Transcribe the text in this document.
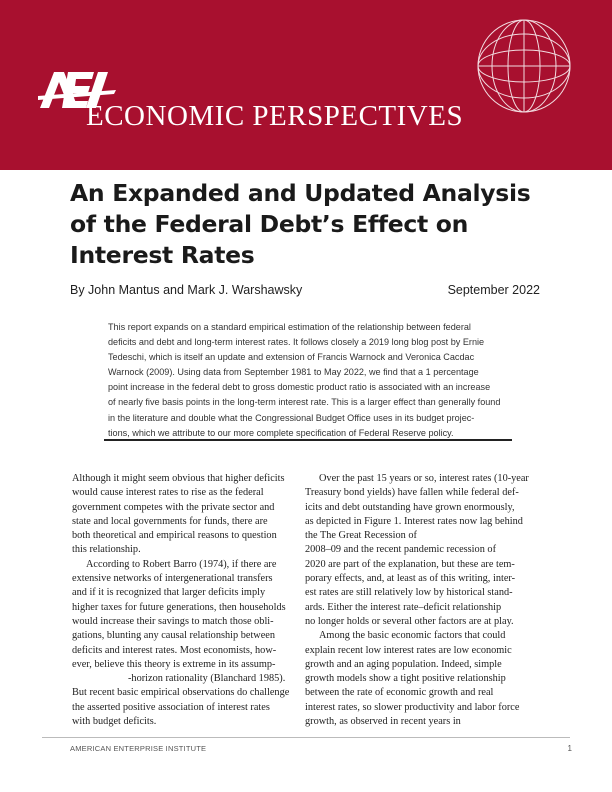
ECONOMIC PERSPECTIVES
An Expanded and Updated Analysis
of the Federal Debt’s Effect on
Interest Rates
By John Mantus and Mark J. Warshawsky	September 2022
This report expands on a standard empirical estimation of the relationship between federal
deficits and debt and long-term interest rates. It follows closely a 2019 long blog post by Ernie
Tedeschi, which is itself an update and extension of Francis Warnock and Veronica Cacdac
Warnock (2009). Using data from September 1981 to May 2022, we find that a 1 percentage
point increase in the federal debt to gross domestic product ratio is associated with an increase
of nearly five basis points in the long-term interest rate. This is a larger effect than generally found
in the literature and double what the Congressional Budget Office uses in its budget projec-
tions, which we attribute to our more complete specification of Federal Reserve policy.
Although it might seem obvious that higher deficits
would cause interest rates to rise as the federal
government competes with the private sector and
state and local governments for funds, there are
both theoretical and empirical reasons to question
this relationship.
According to Robert Barro (1974), if there are
extensive networks of intergenerational transfers
and if it is recognized that larger deficits imply
higher taxes for future generations, then households
would increase their savings to match those obli-
gations, blunting any causal relationship between
deficits and interest rates. Most economists, how-
ever, believe this theory is extreme in its assump-
-horizon rationality (Blanchard 1985).
But recent basic empirical observations do challenge
the asserted positive association of interest rates
with budget deficits.
Over the past 15 years or so, interest rates (10-year
Treasury bond yields) have fallen while federal def-
icits and debt outstanding have grown enormously,
as depicted in Figure 1. Interest rates now lag behind
the The Great Recession of
2008–09 and the recent pandemic recession of
2020 are part of the explanation, but these are tem-
porary effects, and, at least as of this writing, inter-
est rates are still relatively low by historical stand-
ards. Either the interest rate–deficit relationship
no longer holds or several other factors are at play.
Among the basic economic factors that could
explain recent low interest rates are low economic
growth and an aging population. Indeed, simple
growth models show a tight positive relationship
between the rate of economic growth and real
interest rates, so slower productivity and labor force
growth, as observed in recent years in
AMERICAN ENTERPRISE INSTITUTE	1
